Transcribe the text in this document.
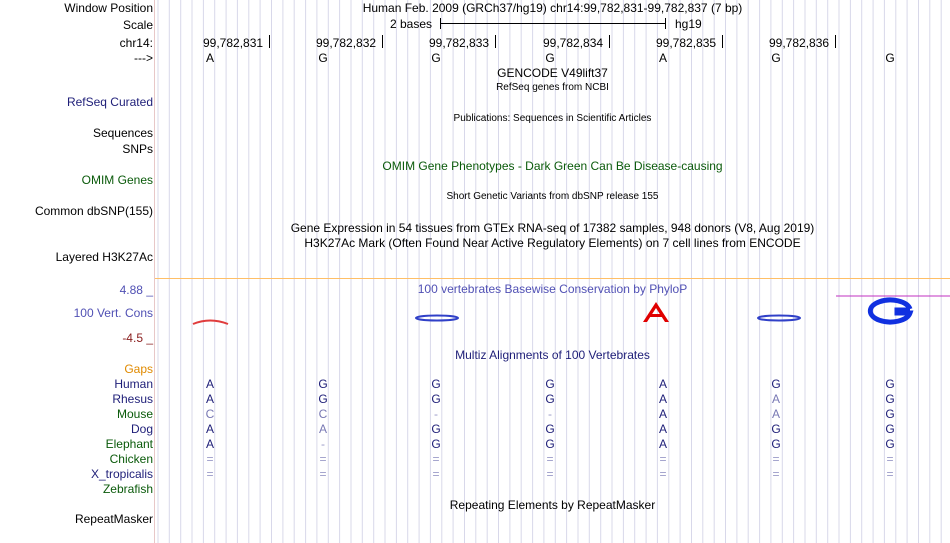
Window Position	Human Feb. 2009 (GRCh37/hg19) chr14:99,782,831-99,782,837 (7 bp)
Scale	2 bases	hg19
chr14:	99,782,831	99,782,832	99,782,833	99,782,834	99,782,835	99,782,836
--->	A	G	G	G	A	G	G
GENCODE V49lift37
RefSeq genes from NCBI
RefSeq Curated
Publications: Sequences in Scientific Articles
Sequences
SNPs
OMIM Gene Phenotypes - Dark Green Can Be Disease-causing
OMIM Genes
Short Genetic Variants from dbSNP release 155
Common dbSNP(155)
Gene Expression in 54 tissues from GTEx RNA-seq of 17382 samples, 948 donors (V8, Aug 2019)
H3K27Ac Mark (Often Found Near Active Regulatory Elements) on 7 cell lines from ENCODE
Layered H3K27Ac
100 vertebrates Basewise Conservation by PhyloP
4.88 _
100 Vert. Cons
-4.5 _
Multiz Alignments of 100 Vertebrates
Gaps
Human	A	G	G	G	A	G	G
Rhesus	A	G	G	G	A	A	G
Mouse	C	C	-	-	A	A	G
Dog	A	A	G	G	A	G	G
Elephant	A	-	G	G	A	G	G
Chicken	=	=	=	=	=	=	=
X_tropicalis	=	=	=	=	=	=	=
Zebrafish
Repeating Elements by RepeatMasker
RepeatMasker
